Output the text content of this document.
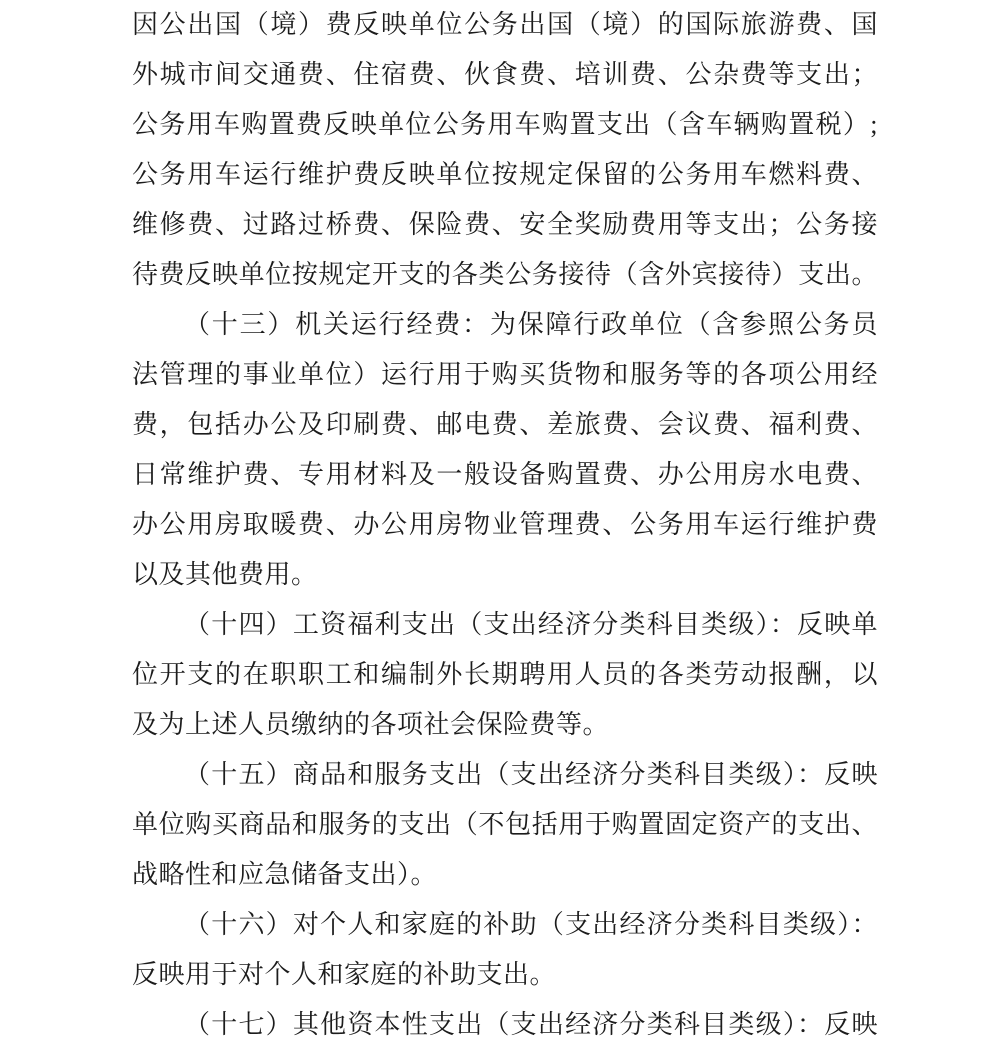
因公出国（境）费反映单位公务出国（境）的国际旅游费、国
外城市间交通费、住宿费、伙食费、培训费、公杂费等支出；
公务用车购置费反映单位公务用车购置支出（含车辆购置税）;
公务用车运行维护费反映单位按规定保留的公务用车燃料费、
维修费、过路过桥费、保险费、安全奖励费用等支出；公务接
待费反映单位按规定开支的各类公务接待（含外宾接待）支出。
（十三）机关运行经费：为保障行政单位（含参照公务员
法管理的事业单位）运行用于购买货物和服务等的各项公用经
费，包括办公及印刷费、邮电费、差旅费、会议费、福利费、
日常维护费、专用材料及一般设备购置费、办公用房水电费、
办公用房取暖费、办公用房物业管理费、公务用车运行维护费
以及其他费用。
（十四）工资福利支出（支出经济分类科目类级）：反映单
位开支的在职职工和编制外长期聘用人员的各类劳动报酬，以
及为上述人员缴纳的各项社会保险费等。
（十五）商品和服务支出（支出经济分类科目类级）：反映
单位购买商品和服务的支出（不包括用于购置固定资产的支出、
战略性和应急储备支出）。
（十六）对个人和家庭的补助（支出经济分类科目类级）：
反映用于对个人和家庭的补助支出。
（十七）其他资本性支出（支出经济分类科目类级）：反映
